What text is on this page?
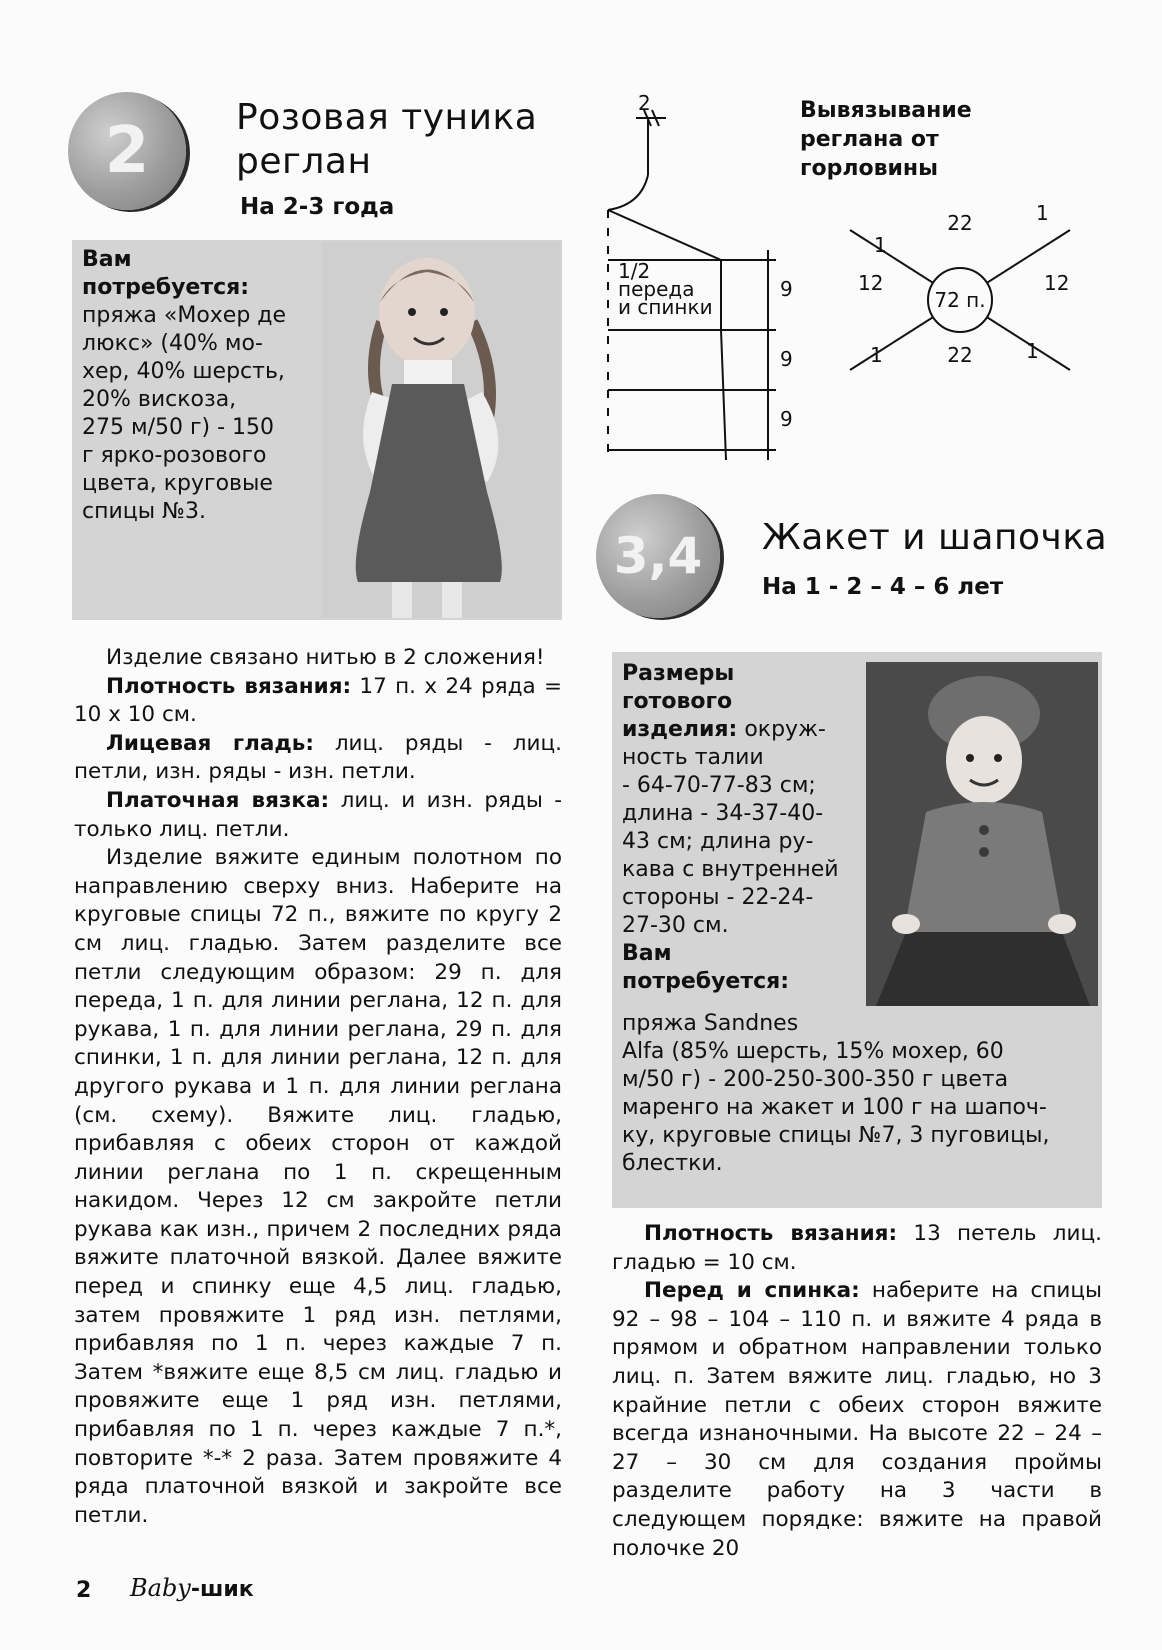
2 Розовая туника
реглан
На 2-3 года
Вам
потребуется:
пряжа «Мохер де
люкс» (40% мо-
хер, 40% шерсть,
20% вискоза,
275 м/50 г) - 150
г ярко-розового
цвета, круговые
спицы №3.
Вывязывание
реглана от
горловины
2
1/2
переда
и спинки
9
9
9
72 п.
22
22
12	12
1
1
1	1
3,4 Жакет и шапочка
На 1 - 2 – 4 – 6 лет
Размеры
готового
изделия: окруж-
ность талии
- 64-70-77-83 см;
длина - 34-37-40-
43 см; длина ру-
кава с внутренней
стороны - 22-24-
27-30 см.
Вам
потребуется:
пряжа Sandnes
Alfa (85% шерсть, 15% мохер, 60
м/50 г) - 200-250-300-350 г цвета
маренго на жакет и 100 г на шапоч-
ку, круговые спицы №7, 3 пуговицы,
блестки.

Изделие связано нитью в 2 сложения!

Плотность вязания: 17 п. х 24 ряда = 10 х 10 см.

Лицевая гладь: лиц. ряды - лиц. петли, изн. ряды - изн. петли.

Платочная вязка: лиц. и изн. ряды - только лиц. петли.

Изделие вяжите единым полотном по направлению сверху вниз. Наберите на круговые спицы 72 п., вяжите по кругу 2 см лиц. гладью. Затем разделите все петли следующим образом: 29 п. для переда, 1 п. для линии реглана, 12 п. для рукава, 1 п. для линии реглана, 29 п. для спинки, 1 п. для линии реглана, 12 п. для другого рукава и 1 п. для линии реглана (см. схему). Вяжите лиц. гладью, прибавляя с обеих сторон от каждой линии реглана по 1 п. скрещенным накидом. Через 12 см закройте петли рукава как изн., причем 2 последних ряда вяжите платочной вязкой. Далее вяжите перед и спинку еще 4,5 лиц. гладью, затем провяжите 1 ряд изн. петлями, прибавляя по 1 п. через каждые 7 п. Затем *вяжите еще 8,5 см лиц. гладью и провяжите еще 1 ряд изн. петлями, прибавляя по 1 п. через каждые 7 п.*, повторите *-* 2 раза. Затем провяжите 4 ряда платочной вязкой и закройте все петли.

Плотность вязания: 13 петель лиц. гладью = 10 см.

Перед и спинка: наберите на спицы 92 – 98 – 104 – 110 п. и вяжите 4 ряда в прямом и обратном направлении только лиц. п. Затем вяжите лиц. гладью, но 3 крайние петли с обеих сторон вяжите всегда изнаночными. На высоте 22 – 24 – 27 – 30 см для создания проймы разделите работу на 3 части в следующем порядке: вяжите на правой полочке 20

2 Baby-шик
